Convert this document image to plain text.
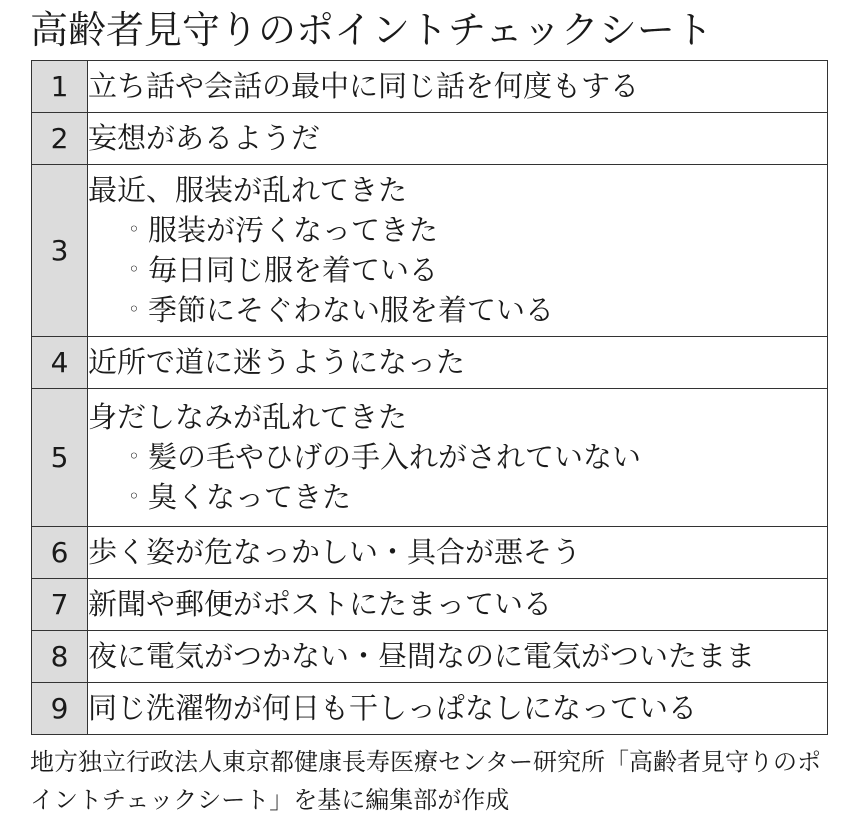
高齢者見守りのポイントチェックシート
1	立ち話や会話の最中に同じ話を何度もする

2	妄想があるようだ

3	最近、服装が乱れてきた
◦ 服装が汚くなってきた
◦ 毎日同じ服を着ている
◦ 季節にそぐわない服を着ている

4	近所で道に迷うようになった

5	身だしなみが乱れてきた
◦ 髪の毛やひげの手入れがされていない
◦ 臭くなってきた

6	歩く姿が危なっかしい・具合が悪そう

7	新聞や郵便がポストにたまっている

8	夜に電気がつかない・昼間なのに電気がついたまま

9	同じ洗濯物が何日も干しっぱなしになっている

地方独立行政法人東京都健康長寿医療センター研究所「高齢者見守りのポイントチェックシート」を基に編集部が作成
